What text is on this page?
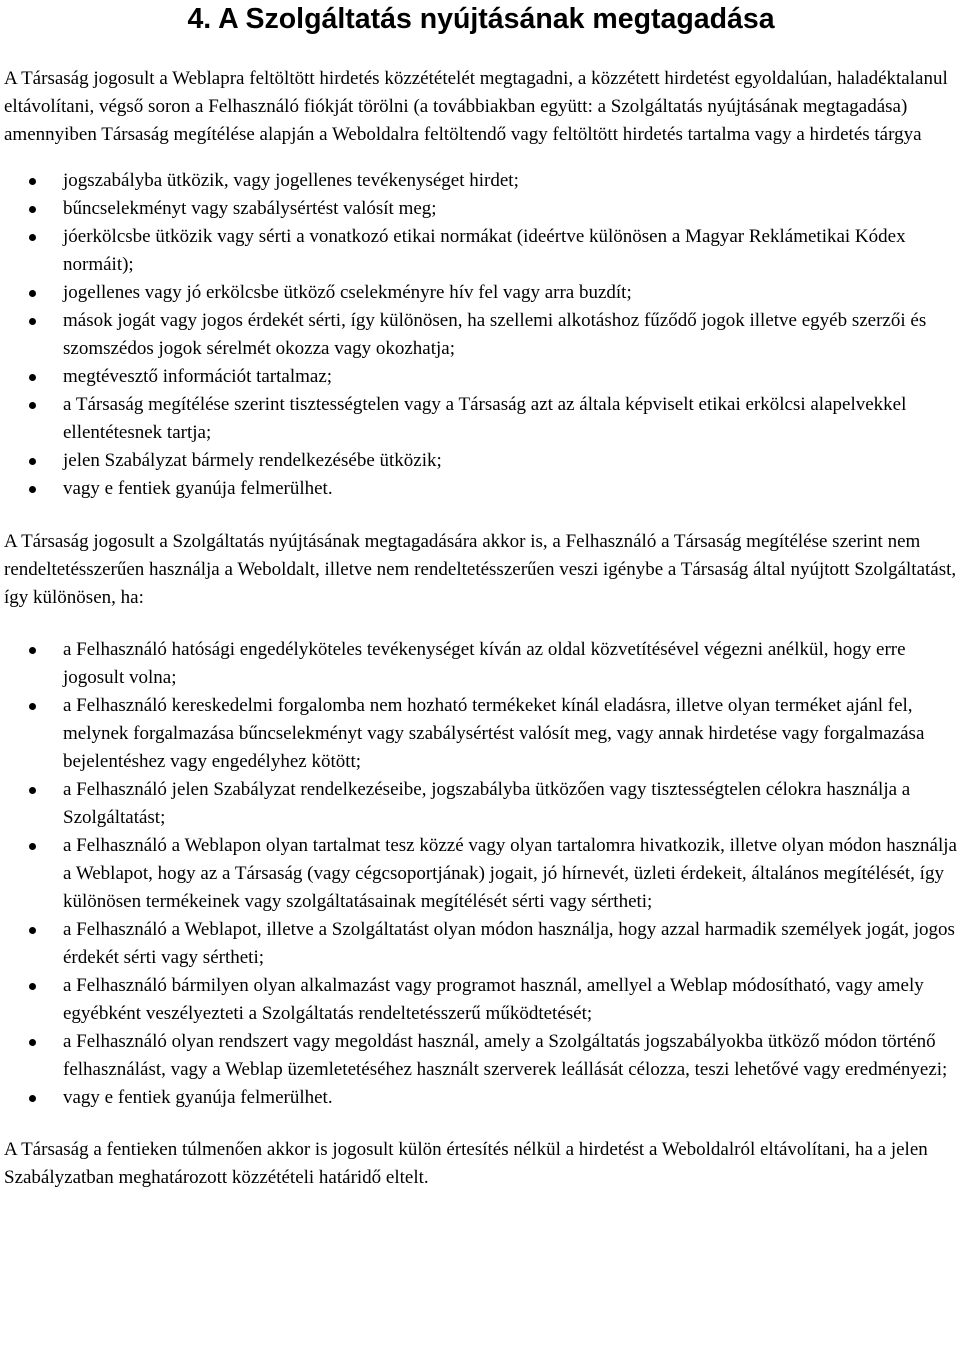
4. A Szolgáltatás nyújtásának megtagadása

A Társaság jogosult a Weblapra feltöltött hirdetés közzétételét megtagadni, a közzétett hirdetést egyoldalúan, haladéktalanul eltávolítani, végső soron a Felhasználó fiókját törölni (a továbbiakban együtt: a Szolgáltatás nyújtásának megtagadása) amennyiben Társaság megítélése alapján a Weboldalra feltöltendő vagy feltöltött hirdetés tartalma vagy a hirdetés tárgya

jogszabályba ütközik, vagy jogellenes tevékenységet hirdet;
bűncselekményt vagy szabálysértést valósít meg;
jóerkölcsbe ütközik vagy sérti a vonatkozó etikai normákat (ideértve különösen a Magyar Reklámetikai Kódex normáit);
jogellenes vagy jó erkölcsbe ütköző cselekményre hív fel vagy arra buzdít;
mások jogát vagy jogos érdekét sérti, így különösen, ha szellemi alkotáshoz fűződő jogok illetve egyéb szerzői és szomszédos jogok sérelmét okozza vagy okozhatja;
megtévesztő információt tartalmaz;
a Társaság megítélése szerint tisztességtelen vagy a Társaság azt az általa képviselt etikai erkölcsi alapelvekkel ellentétesnek tartja;
jelen Szabályzat bármely rendelkezésébe ütközik;
vagy e fentiek gyanúja felmerülhet.

A Társaság jogosult a Szolgáltatás nyújtásának megtagadására akkor is, a Felhasználó a Társaság megítélése szerint nem rendeltetésszerűen használja a Weboldalt, illetve nem rendeltetésszerűen veszi igénybe a Társaság által nyújtott Szolgáltatást, így különösen, ha:

a Felhasználó hatósági engedélyköteles tevékenységet kíván az oldal közvetítésével végezni anélkül, hogy erre jogosult volna;
a Felhasználó kereskedelmi forgalomba nem hozható termékeket kínál eladásra, illetve olyan terméket ajánl fel, melynek forgalmazása bűncselekményt vagy szabálysértést valósít meg, vagy annak hirdetése vagy forgalmazása bejelentéshez vagy engedélyhez kötött;
a Felhasználó jelen Szabályzat rendelkezéseibe, jogszabályba ütközően vagy tisztességtelen célokra használja a Szolgáltatást;
a Felhasználó a Weblapon olyan tartalmat tesz közzé vagy olyan tartalomra hivatkozik, illetve olyan módon használja a Weblapot, hogy az a Társaság (vagy cégcsoportjának) jogait, jó hírnevét, üzleti érdekeit, általános megítélését, így különösen termékeinek vagy szolgáltatásainak megítélését sérti vagy sértheti;
a Felhasználó a Weblapot, illetve a Szolgáltatást olyan módon használja, hogy azzal harmadik személyek jogát, jogos érdekét sérti vagy sértheti;
a Felhasználó bármilyen olyan alkalmazást vagy programot használ, amellyel a Weblap módosítható, vagy amely egyébként veszélyezteti a Szolgáltatás rendeltetésszerű működtetését;
a Felhasználó olyan rendszert vagy megoldást használ, amely a Szolgáltatás jogszabályokba ütköző módon történő felhasználást, vagy a Weblap üzemletetéséhez használt szerverek leállását célozza, teszi lehetővé vagy eredményezi;
vagy e fentiek gyanúja felmerülhet.

A Társaság a fentieken túlmenően akkor is jogosult külön értesítés nélkül a hirdetést a Weboldalról eltávolítani, ha a jelen Szabályzatban meghatározott közzétételi határidő eltelt.
